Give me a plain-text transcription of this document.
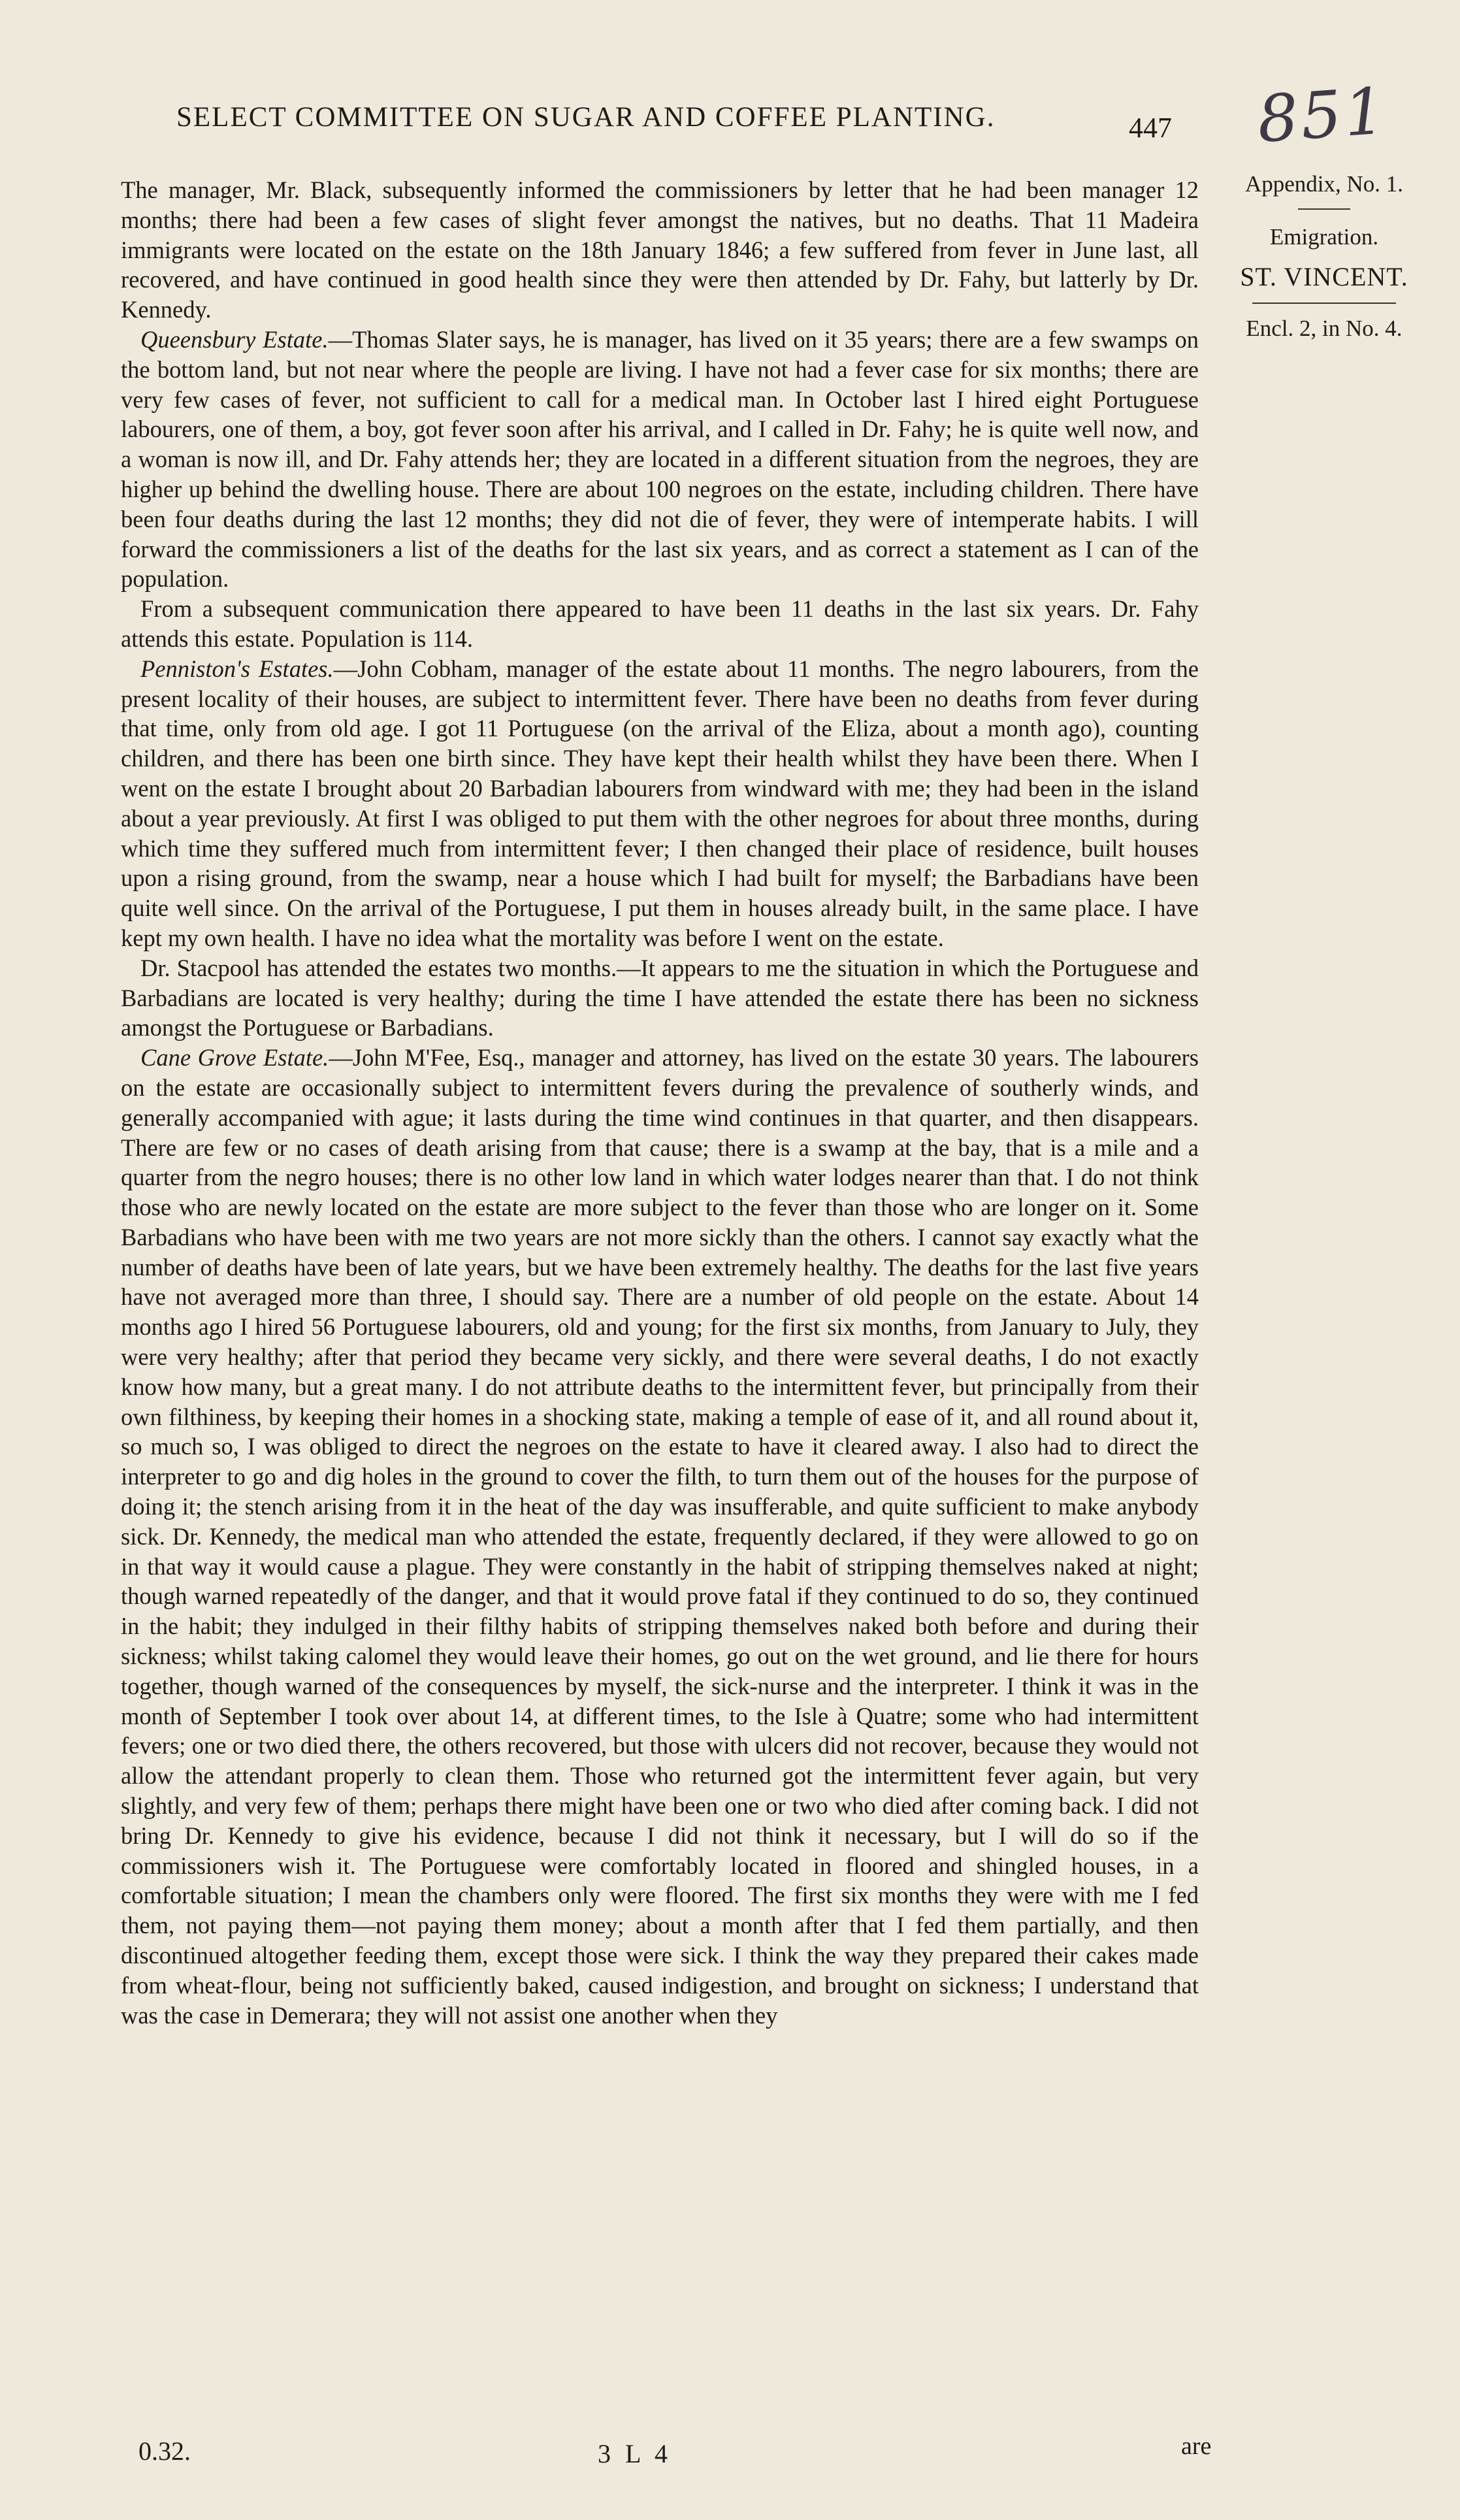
SELECT COMMITTEE ON SUGAR AND COFFEE PLANTING.	447 851
Appendix, No. 1.
Emigration.
ST. VINCENT.
Encl. 2, in No. 4.

The manager, Mr. Black, subsequently informed the commissioners by letter that he had been manager 12 months; there had been a few cases of slight fever amongst the natives, but no deaths. That 11 Madeira immigrants were located on the estate on the 18th January 1846; a few suffered from fever in June last, all recovered, and have continued in good health since they were then attended by Dr. Fahy, but latterly by Dr. Kennedy.

Queensbury Estate.—Thomas Slater says, he is manager, has lived on it 35 years; there are a few swamps on the bottom land, but not near where the people are living. I have not had a fever case for six months; there are very few cases of fever, not sufficient to call for a medical man. In October last I hired eight Portuguese labourers, one of them, a boy, got fever soon after his arrival, and I called in Dr. Fahy; he is quite well now, and a woman is now ill, and Dr. Fahy attends her; they are located in a different situation from the negroes, they are higher up behind the dwelling house. There are about 100 negroes on the estate, including children. There have been four deaths during the last 12 months; they did not die of fever, they were of intemperate habits. I will forward the commissioners a list of the deaths for the last six years, and as correct a statement as I can of the population.

From a subsequent communication there appeared to have been 11 deaths in the last six years. Dr. Fahy attends this estate. Population is 114.

Penniston's Estates.—John Cobham, manager of the estate about 11 months. The negro labourers, from the present locality of their houses, are subject to intermittent fever. There have been no deaths from fever during that time, only from old age. I got 11 Portuguese (on the arrival of the Eliza, about a month ago), counting children, and there has been one birth since. They have kept their health whilst they have been there. When I went on the estate I brought about 20 Barbadian labourers from windward with me; they had been in the island about a year previously. At first I was obliged to put them with the other negroes for about three months, during which time they suffered much from intermittent fever; I then changed their place of residence, built houses upon a rising ground, from the swamp, near a house which I had built for myself; the Barbadians have been quite well since. On the arrival of the Portuguese, I put them in houses already built, in the same place. I have kept my own health. I have no idea what the mortality was before I went on the estate.

Dr. Stacpool has attended the estates two months.—It appears to me the situation in which the Portuguese and Barbadians are located is very healthy; during the time I have attended the estate there has been no sickness amongst the Portuguese or Barbadians.

Cane Grove Estate.—John M'Fee, Esq., manager and attorney, has lived on the estate 30 years. The labourers on the estate are occasionally subject to intermittent fevers during the prevalence of southerly winds, and generally accompanied with ague; it lasts during the time wind continues in that quarter, and then disappears. There are few or no cases of death arising from that cause; there is a swamp at the bay, that is a mile and a quarter from the negro houses; there is no other low land in which water lodges nearer than that. I do not think those who are newly located on the estate are more subject to the fever than those who are longer on it. Some Barbadians who have been with me two years are not more sickly than the others. I cannot say exactly what the number of deaths have been of late years, but we have been extremely healthy. The deaths for the last five years have not averaged more than three, I should say. There are a number of old people on the estate. About 14 months ago I hired 56 Portuguese labourers, old and young; for the first six months, from January to July, they were very healthy; after that period they became very sickly, and there were several deaths, I do not exactly know how many, but a great many. I do not attribute deaths to the intermittent fever, but principally from their own filthiness, by keeping their homes in a shocking state, making a temple of ease of it, and all round about it, so much so, I was obliged to direct the negroes on the estate to have it cleared away. I also had to direct the interpreter to go and dig holes in the ground to cover the filth, to turn them out of the houses for the purpose of doing it; the stench arising from it in the heat of the day was insufferable, and quite sufficient to make anybody sick. Dr. Kennedy, the medical man who attended the estate, frequently declared, if they were allowed to go on in that way it would cause a plague. They were constantly in the habit of stripping themselves naked at night; though warned repeatedly of the danger, and that it would prove fatal if they continued to do so, they continued in the habit; they indulged in their filthy habits of stripping themselves naked both before and during their sickness; whilst taking calomel they would leave their homes, go out on the wet ground, and lie there for hours together, though warned of the consequences by myself, the sick-nurse and the interpreter. I think it was in the month of September I took over about 14, at different times, to the Isle à Quatre; some who had intermittent fevers; one or two died there, the others recovered, but those with ulcers did not recover, because they would not allow the attendant properly to clean them. Those who returned got the intermittent fever again, but very slightly, and very few of them; perhaps there might have been one or two who died after coming back. I did not bring Dr. Kennedy to give his evidence, because I did not think it necessary, but I will do so if the commissioners wish it. The Portuguese were comfortably located in floored and shingled houses, in a comfortable situation; I mean the chambers only were floored. The first six months they were with me I fed them, not paying them—not paying them money; about a month after that I fed them partially, and then discontinued altogether feeding them, except those were sick. I think the way they prepared their cakes made from wheat-flour, being not sufficiently baked, caused indigestion, and brought on sickness; I understand that was the case in Demerara; they will not assist one another when they

0.32.	3 L 4	are
